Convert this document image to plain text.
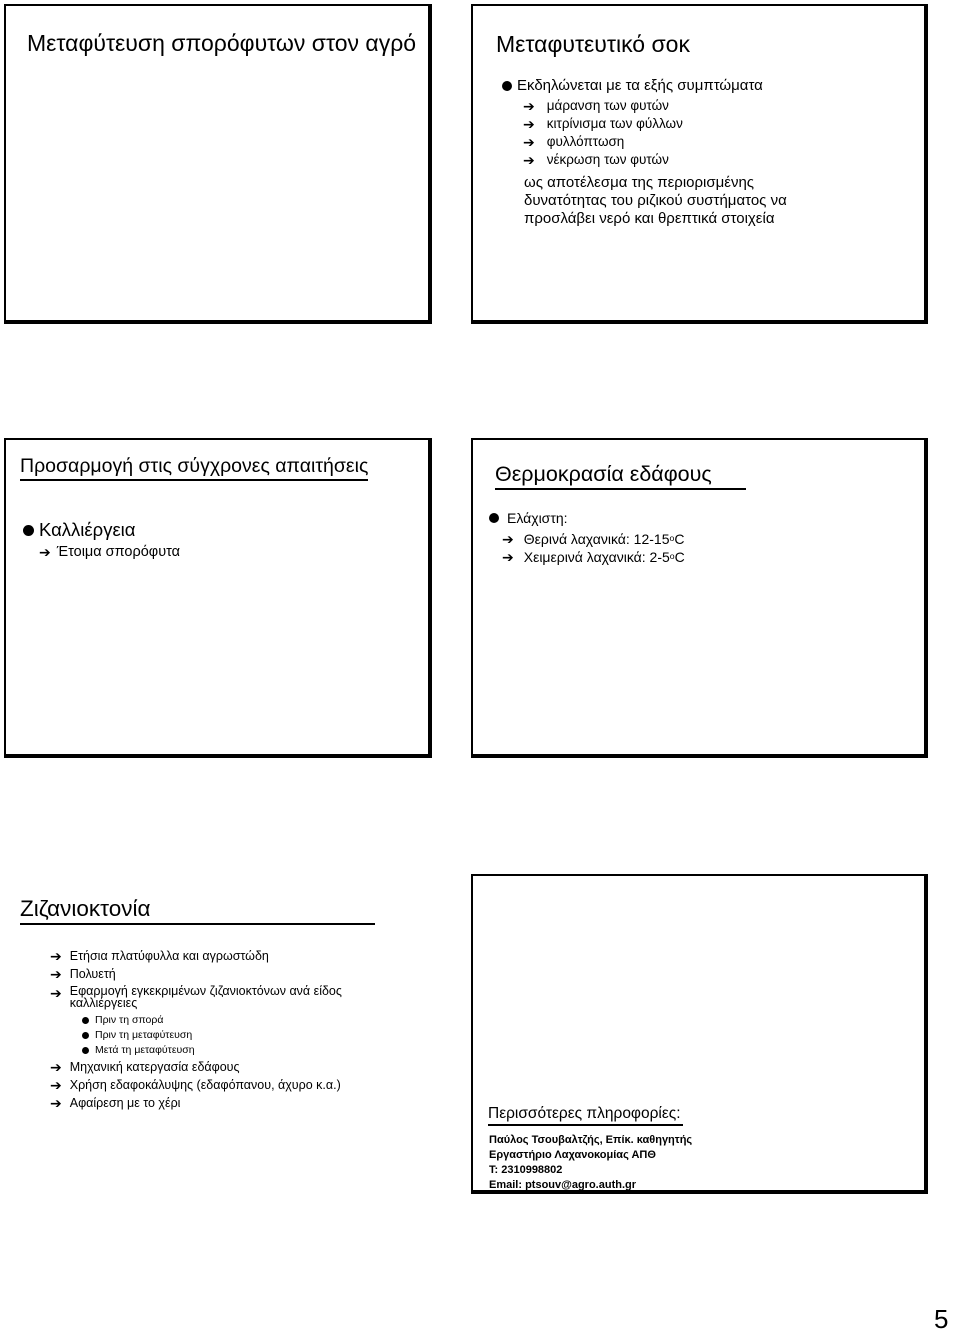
Μεταφύτευση σπορόφυτων στον αγρό	Μεταφυτευτικό σοκ
Εκδηλώνεται με τα εξής συμπτώματα
➔ μάρανση των φυτών
➔ κιτρίνισμα των φύλλων
➔ φυλλόπτωση
➔ νέκρωση των φυτών
ως αποτέλεσμα της περιορισμένης
δυνατότητας του ριζικού συστήματος να
προσλάβει νερό και θρεπτικά στοιχεία
Προσαρμογή στις σύγχρονες απαιτήσεις
Καλλιέργεια
➔ Έτοιμα σπορόφυτα
Θερμοκρασία εδάφους
Ελάχιστη:
➔ Θερινά λαχανικά: 12-15 $^o$ C
➔ Χειμερινά λαχανικά: 2-5 $^o$ C
Ζιζανιοκτονία
➔ Ετήσια πλατύφυλλα και αγρωστώδη
➔ Πολυετή
➔ Εφαρμογή εγκεκριμένων ζιζανιοκτόνων ανά είδος καλλιέργειες
Πριν τη σπορά
Πριν τη μεταφύτευση
Μετά τη μεταφύτευση
➔ Μηχανική κατεργασία εδάφους
➔ Χρήση εδαφοκάλυψης (εδαφόπανου, άχυρο κ.α.)
➔ Αφαίρεση με το χέρι
Περισσότερες πληροφορίες:
Παύλος Τσουβαλτζής, Επίκ. καθηγητής
Εργαστήριο Λαχανοκομίας ΑΠΘ
Τ: 2310998802
Email: ptsouv@agro.auth.gr
5
